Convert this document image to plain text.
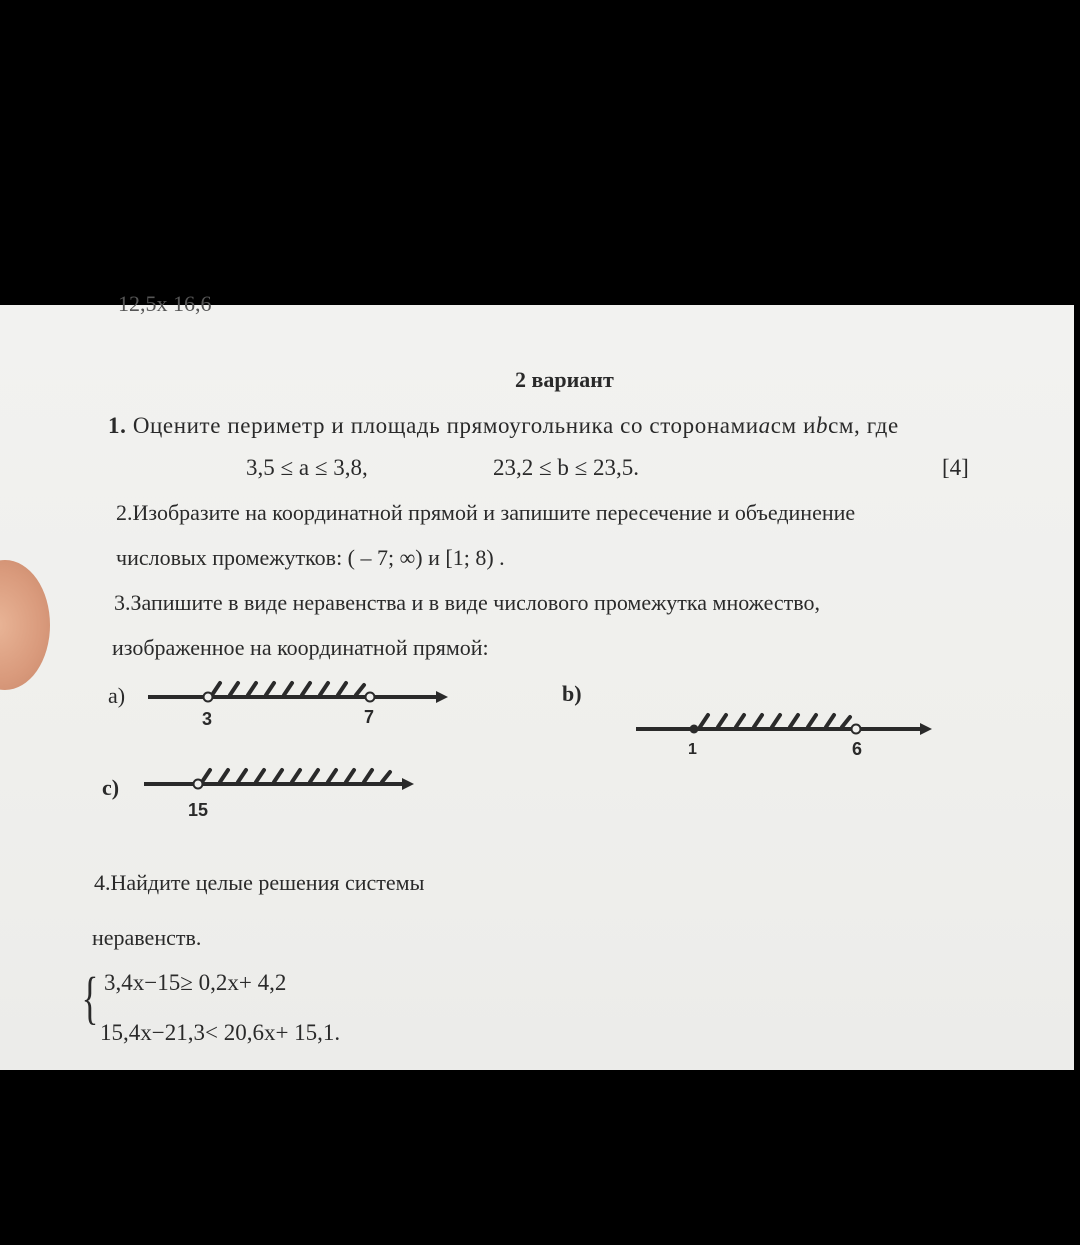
12,5x 16,6
2 вариант
1. Оцените периметр и площадь прямоугольника со сторонамиaсм иbсм, где
3,5 ≤ a ≤ 3,8,	23,2 ≤ b ≤ 23,5.	[4]
2.Изобразите на координатной прямой и запишите пересечение и объединение
числовых промежутков: ( – 7; ∞) и [1; 8) .
3.Запишите в виде неравенства и в виде числового промежутка множество,
изображенное на координатной прямой:
a)
3	7
b)
1	6
c)
15
4.Найдите целые решения системы
неравенств.
{ 3,4x−15≥ 0,2x+ 4,2
15,4x−21,3< 20,6x+ 15,1.
